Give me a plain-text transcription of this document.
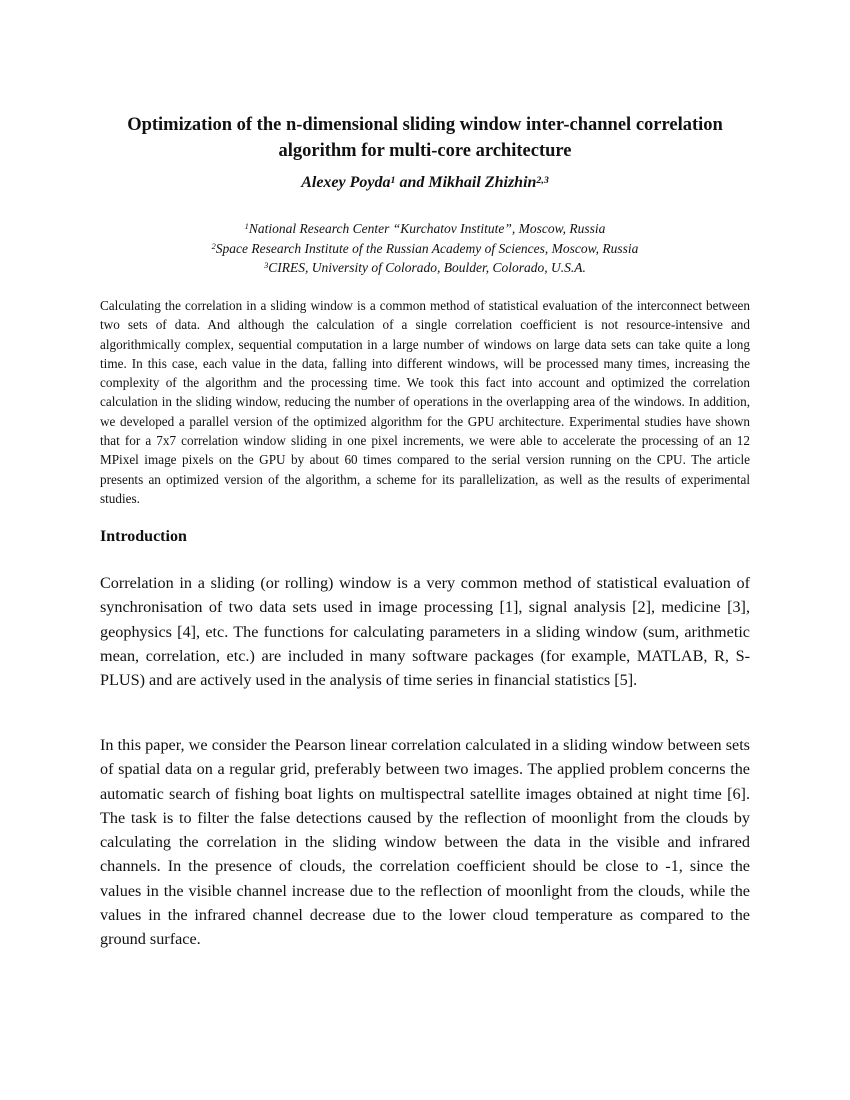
Optimization of the n-dimensional sliding window inter-channel correlation algorithm for multi-core architecture
Alexey Poyda$^1$ and Mikhail Zhizhin$^{2,3}$
$^1$National Research Center “Kurchatov Institute”, Moscow, Russia
$^2$Space Research Institute of the Russian Academy of Sciences, Moscow, Russia
$^3$CIRES, University of Colorado, Boulder, Colorado, U.S.A.

Calculating the correlation in a sliding window is a common method of statistical evaluation of the interconnect between two sets of data. And although the calculation of a single correlation coefficient is not resource-intensive and algorithmically complex, sequential computation in a large number of windows on large data sets can take quite a long time. In this case, each value in the data, falling into different windows, will be processed many times, increasing the complexity of the algorithm and the processing time. We took this fact into account and optimized the correlation calculation in the sliding window, reducing the number of operations in the overlapping area of the windows. In addition, we developed a parallel version of the optimized algorithm for the GPU architecture. Experimental studies have shown that for a 7x7 correlation window sliding in one pixel increments, we were able to accelerate the processing of an 12 MPixel image pixels on the GPU by about 60 times compared to the serial version running on the CPU. The article presents an optimized version of the algorithm, a scheme for its parallelization, as well as the results of experimental studies.

Introduction

Correlation in a sliding (or rolling) window is a very common method of statistical evaluation of synchronisation of two data sets used in image processing [1], signal analysis [2], medicine [3], geophysics [4], etc. The functions for calculating parameters in a sliding window (sum, arithmetic mean, correlation, etc.) are included in many software packages (for example, MATLAB, R, S-PLUS) and are actively used in the analysis of time series in financial statistics [5].

In this paper, we consider the Pearson linear correlation calculated in a sliding window between sets of spatial data on a regular grid, preferably between two images. The applied problem concerns the automatic search of fishing boat lights on multispectral satellite images obtained at night time [6]. The task is to filter the false detections caused by the reflection of moonlight from the clouds by calculating the correlation in the sliding window between the data in the visible and infrared channels. In the presence of clouds, the correlation coefficient should be close to -1, since the values in the visible channel increase due to the reflection of moonlight from the clouds, while the values in the infrared channel decrease due to the lower cloud temperature as compared to the ground surface.
